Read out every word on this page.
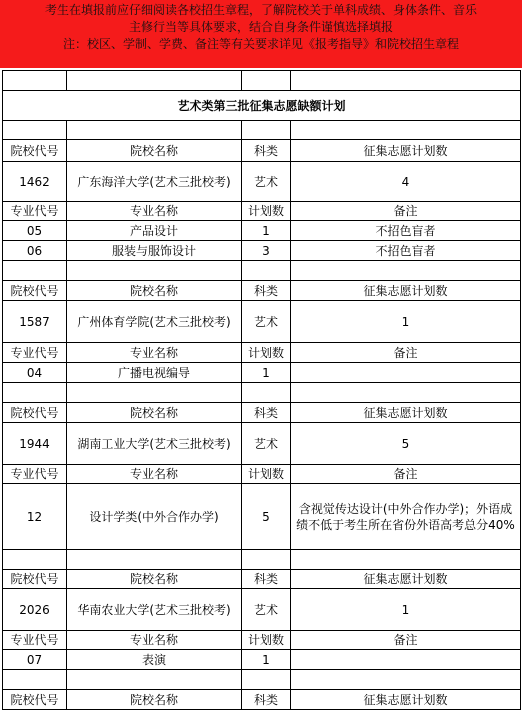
考生在填报前应仔细阅读各校招生章程，了解院校关于单科成绩、身体条件、音乐
主修行当等具体要求，结合自身条件谨慎选择填报
注：校区、学制、学费、备注等有关要求详见《报考指导》和院校招生章程

艺术类第三批征集志愿缺额计划			

院校代号	院校名称	科类	征集志愿计划数
1462	广东海洋大学(艺术三批校考)	艺术	4
专业代号	专业名称	计划数	备注
05	产品设计	1	不招色盲者
06	服装与服饰设计	3	不招色盲者

院校代号	院校名称	科类	征集志愿计划数
1587	广州体育学院(艺术三批校考)	艺术	1
专业代号	专业名称	计划数	备注
04	广播电视编导	1	

院校代号	院校名称	科类	征集志愿计划数
1944	湖南工业大学(艺术三批校考)	艺术	5
专业代号	专业名称	计划数	备注
12	设计学类(中外合作办学)	5	含视觉传达设计(中外合作办学)；外语成绩不低于考生所在省份外语高考总分40%

院校代号	院校名称	科类	征集志愿计划数
2026	华南农业大学(艺术三批校考)	艺术	1
专业代号	专业名称	计划数	备注
07	表演	1	

院校代号	院校名称	科类	征集志愿计划数
